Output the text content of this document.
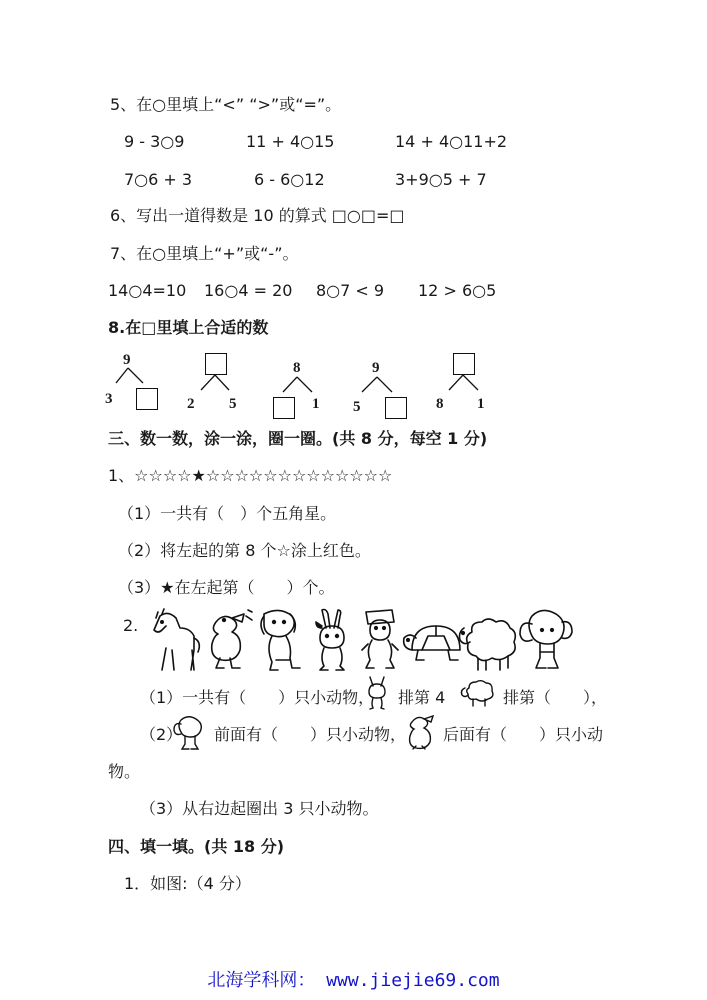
5、在○里填上“<” “>”或“=”。
9 - 3○9	11 + 4○15	14 + 4○11+2
7○6 + 3	6 - 6○12	3+9○5 + 7
6、写出一道得数是 10 的算式 □○□=□
7、在○里填上“+”或“-”。
14○4=10 16○4 = 20 8○7 < 9 12 > 6○5
8.在□里填上合适的数
9
3	2 5
8
1
9
5	8 1
三、数一数，涂一涂，圈一圈。(共 8 分，每空 1 分)
1、☆☆☆☆★☆☆☆☆☆☆☆☆☆☆☆☆☆
（1）一共有（　）个五角星。
（2）将左起的第 8 个☆涂上红色。
（3）★在左起第（　　）个。
2.
（1）一共有（　　）只小动物， 排第 4	排第（　　），
（2） 前面有（　　）只小动物， 后面有（　　）只小动
物。
（3）从右边起圈出 3 只小动物。
四、填一填。(共 18 分)
1．如图:（4 分）
北海学科网： www.jiejie69.com
